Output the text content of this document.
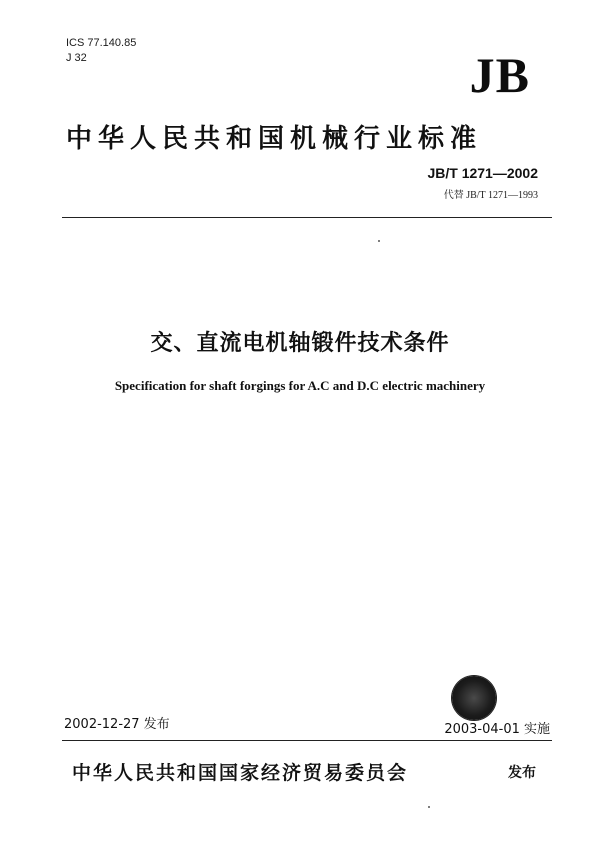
ICS 77.140.85
J 32	JB
中华人民共和国机械行业标准
JB/T 1271—2002
代替 JB/T 1271—1993
交、直流电机轴锻件技术条件
Specification for shaft forgings for A.C and D.C electric machinery
2002-12-27 发布	2003-04-01 实施
中华人民共和国国家经济贸易委员会	发布
